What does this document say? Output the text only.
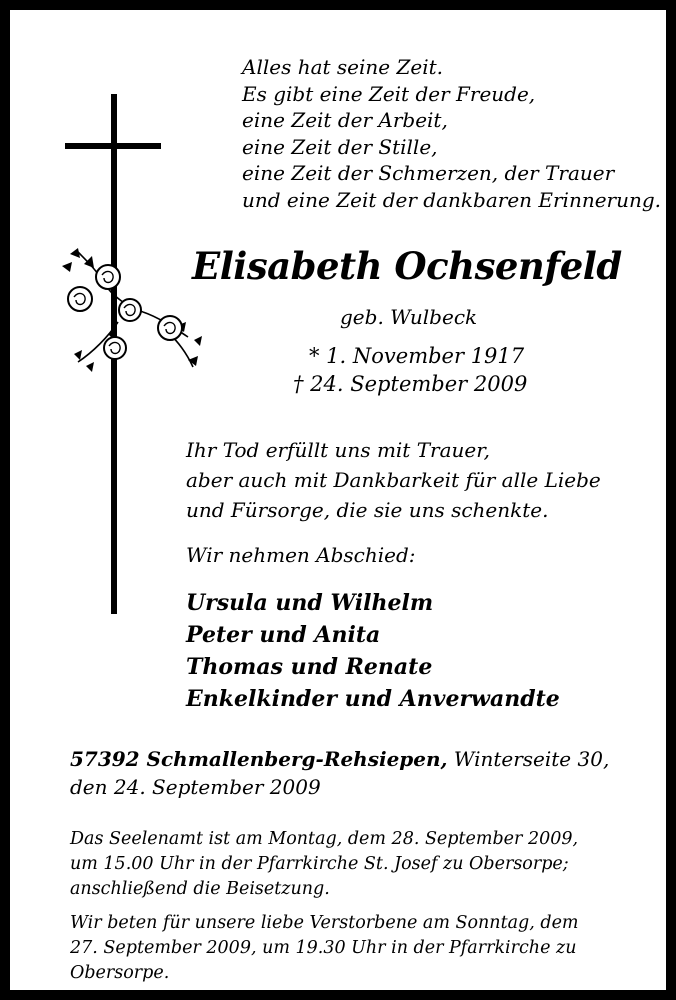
Alles hat seine Zeit.
Es gibt eine Zeit der Freude,
eine Zeit der Arbeit,
eine Zeit der Stille,
eine Zeit der Schmerzen, der Trauer
und eine Zeit der dankbaren Erinnerung.
Elisabeth Ochsenfeld
geb. Wulbeck
* 1. November 1917
† 24. September 2009
Ihr Tod erfüllt uns mit Trauer,
aber auch mit Dankbarkeit für alle Liebe
und Fürsorge, die sie uns schenkte.
Wir nehmen Abschied:
Ursula und Wilhelm
Peter und Anita
Thomas und Renate
Enkelkinder und Anverwandte
57392 Schmallenberg-Rehsiepen, Winterseite 30,
den 24. September 2009
Das Seelenamt ist am Montag, dem 28. September 2009,
um 15.00 Uhr in der Pfarrkirche St. Josef zu Obersorpe;
anschließend die Beisetzung.
Wir beten für unsere liebe Verstorbene am Sonntag, dem
27. September 2009, um 19.30 Uhr in der Pfarrkirche zu
Obersorpe.
